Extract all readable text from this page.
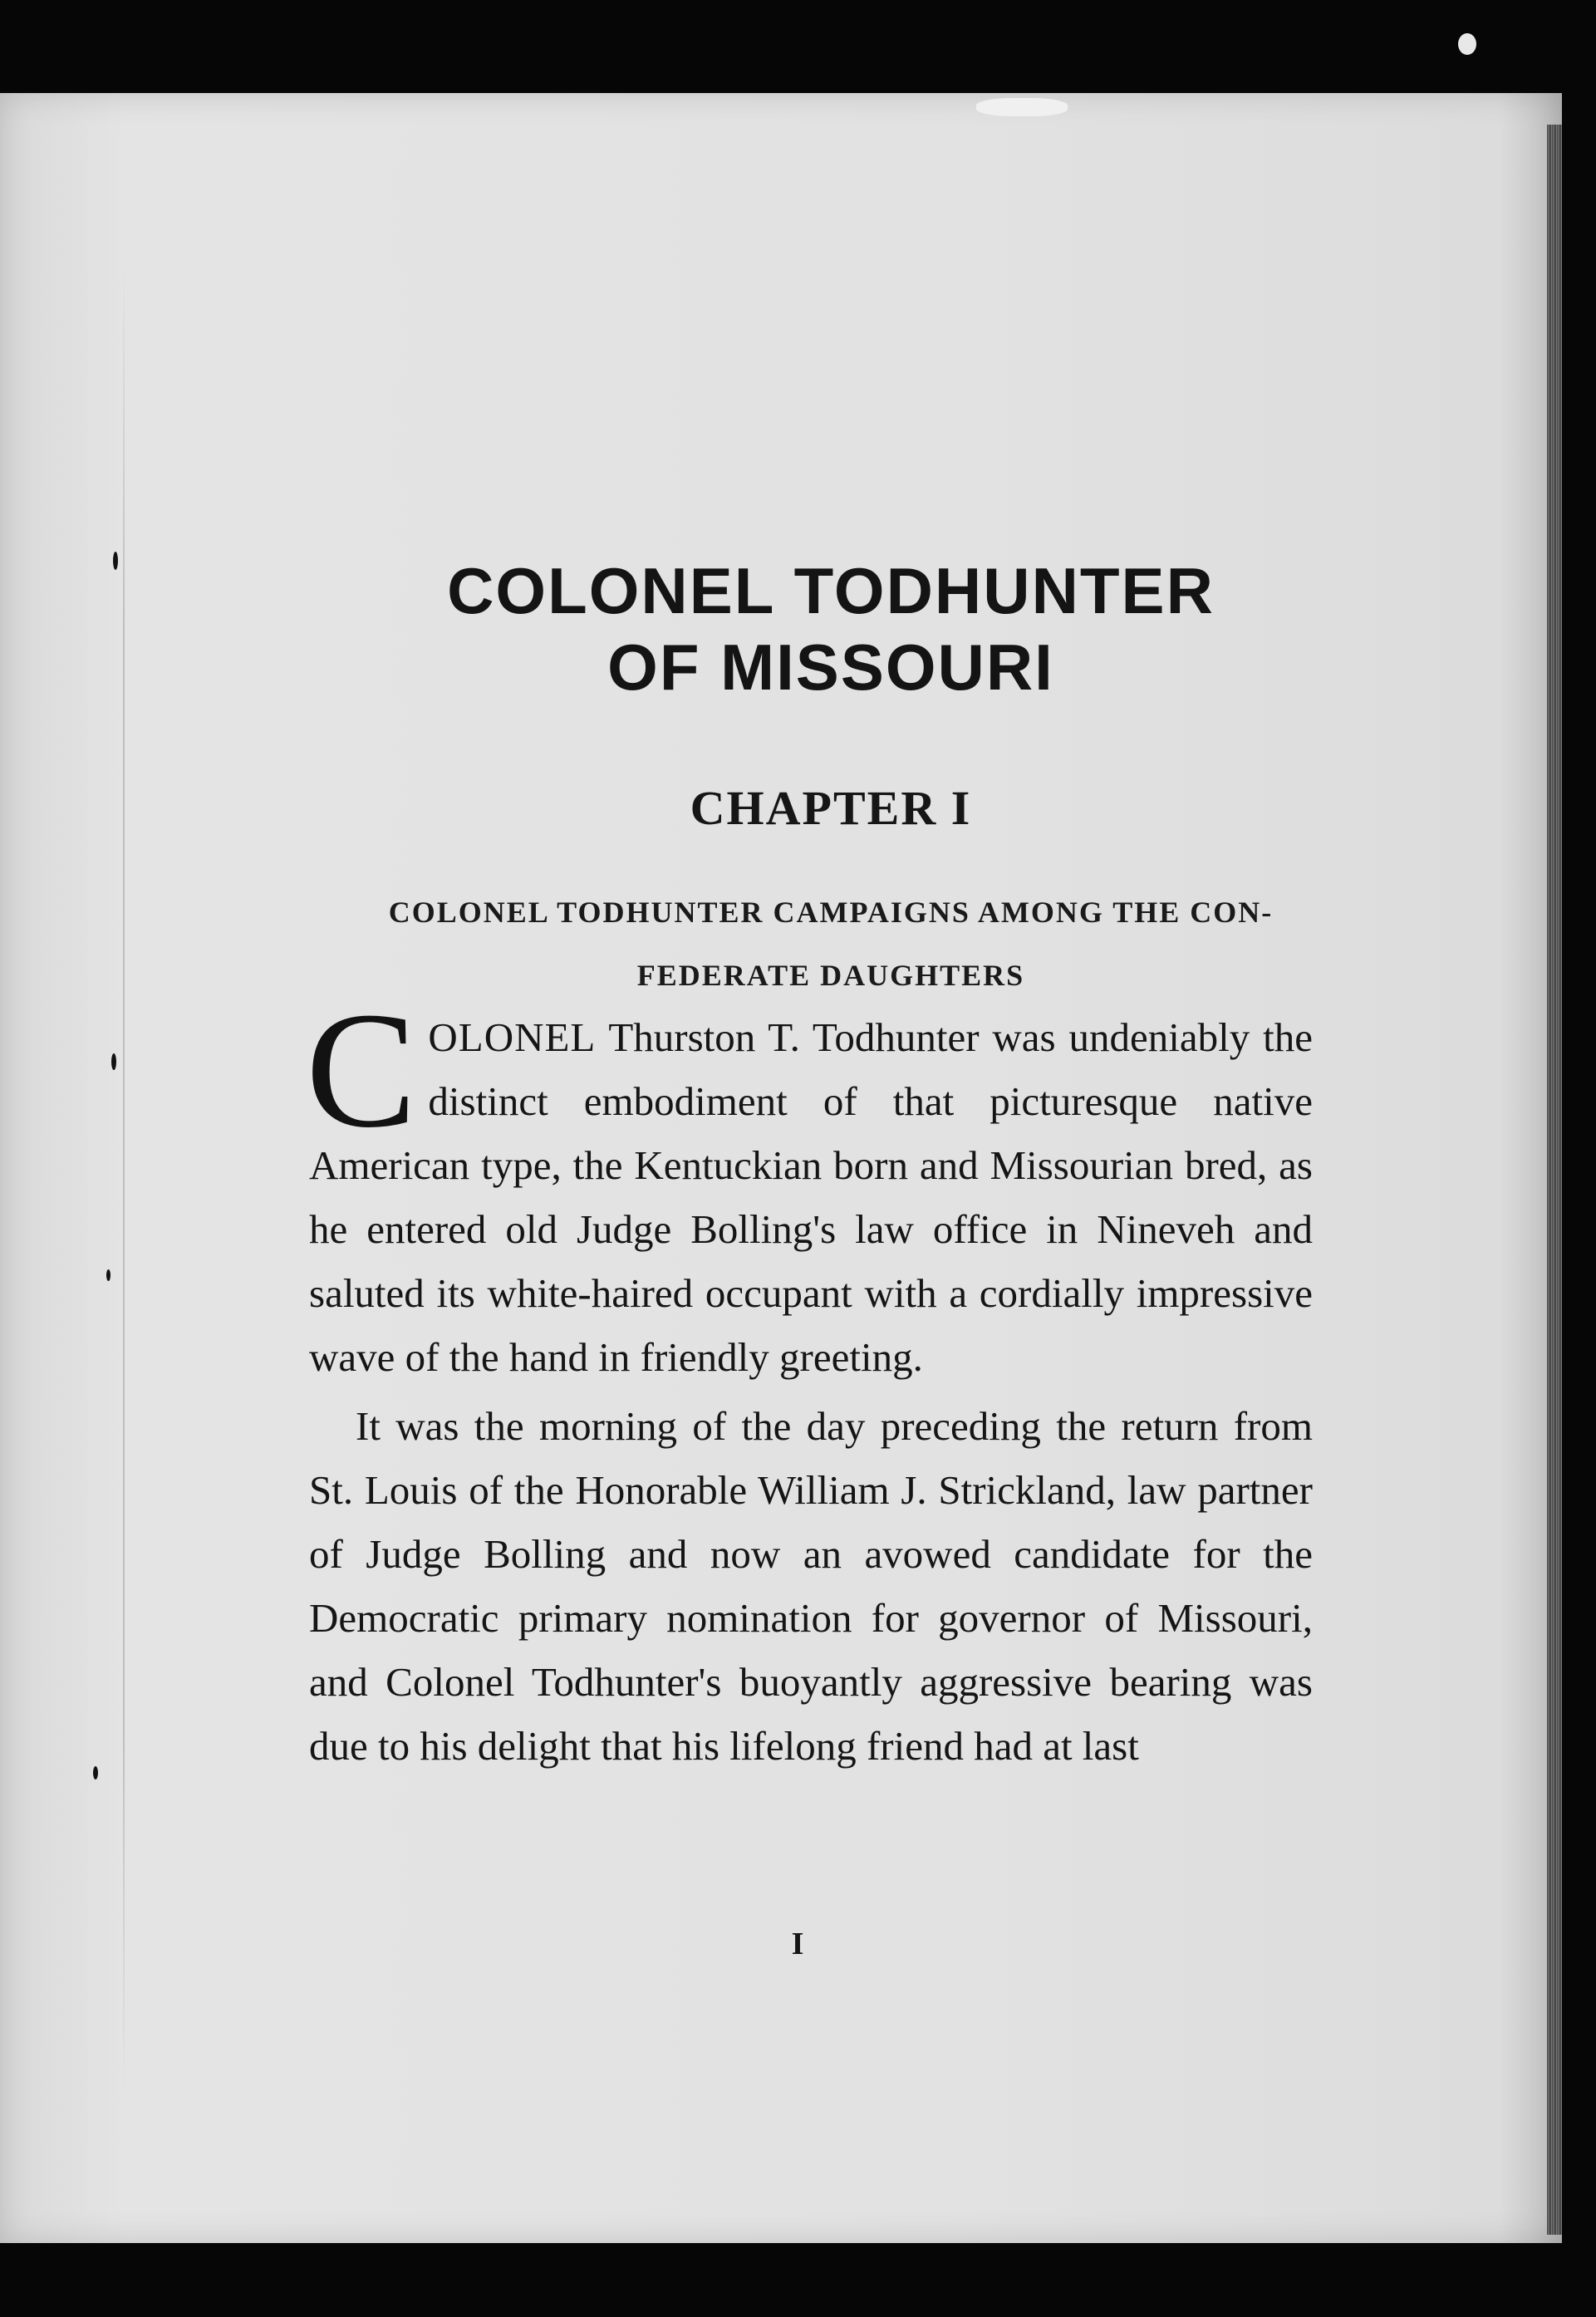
COLONEL TODHUNTER
OF MISSOURI
CHAPTER I
COLONEL TODHUNTER CAMPAIGNS AMONG THE CON-
FEDERATE DAUGHTERS

COLONEL Thurston T. Todhunter was undeniably the distinct embodiment of that picturesque native American type, the Kentuckian born and Missourian bred, as he entered old Judge Bolling's law office in Nineveh and saluted its white-haired occupant with a cordially impressive wave of the hand in friendly greeting.

It was the morning of the day preceding the return from St. Louis of the Honorable William J. Strickland, law partner of Judge Bolling and now an avowed candidate for the Democratic primary nomination for governor of Missouri, and Colonel Todhunter's buoyantly aggressive bearing was due to his delight that his lifelong friend had at last

I
